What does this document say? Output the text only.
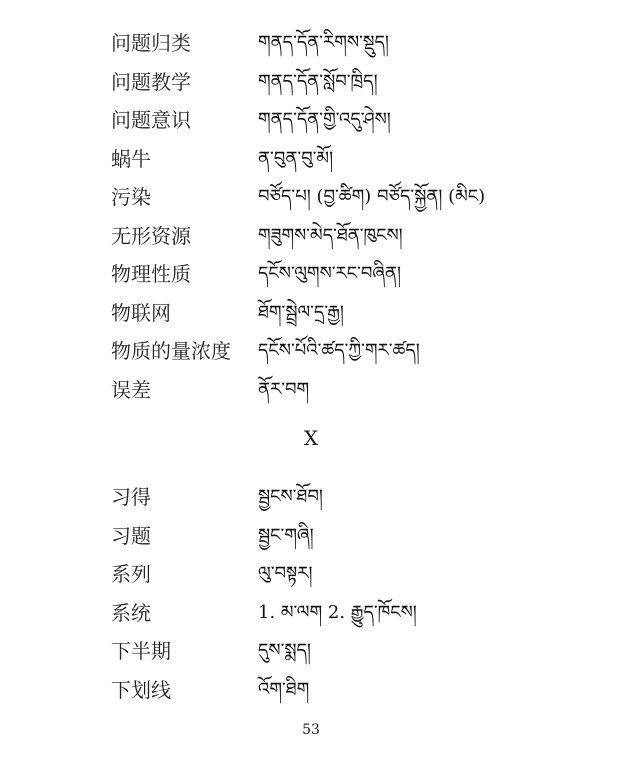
问题归类	གནད་དོན་རིགས་སྡུད།
问题教学	གནད་དོན་སློབ་ཁྲིད།
问题意识	གནད་དོན་གྱི་འདུ་ཤེས།
蜗牛	ན་བུན་བུ་མོ།
污染	བཙོད་པ། (བྱ་ཚིག) བཙོད་སྐྱོན། (མིང)
无形资源	གཟུགས་མེད་ཐོན་ཁུངས།
物理性质	དངོས་ལུགས་རང་བཞིན།
物联网	ཐོག་སྦྲེལ་དྲ་རྒྱ།
物质的量浓度 དངོས་པོའི་ཚད་ཀྱི་གར་ཚད།
误差	ནོར་བག
X
习得	སྦྱངས་ཐོབ།
习题	སྦྱང་གཞི།
系列	ལུ་བསྟར།
系统	1. མ་ལག 2. རྒྱུད་ཁོངས།
下半期	དུས་སྨད།
下划线	འོག་ཐིག
53
